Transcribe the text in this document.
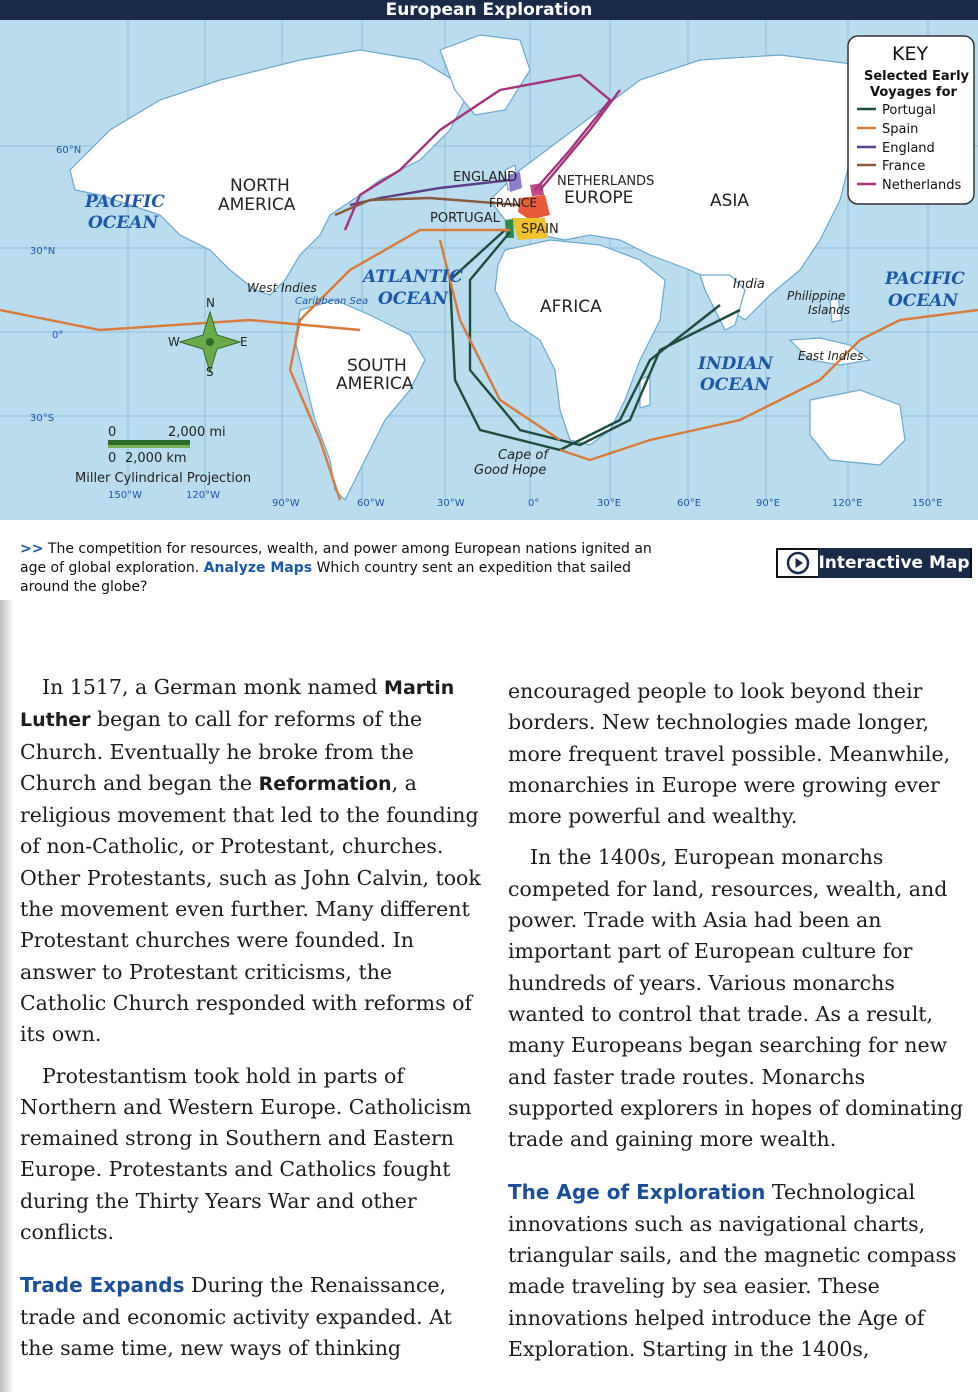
European Exploration
60°N
30°N
0°
30°S
PACIFIC
OCEAN
NORTH
AMERICA
ENGLAND	NETHERLANDS
FRANCE EUROPE
PORTUGAL
SPAIN
ASIA
ATLANTIC
OCEAN
West Indies
Caribbean Sea	AFRICA
India
Philippine
Islands
PACIFIC
OCEAN
INDIAN
OCEAN
East Indies
SOUTH
AMERICA
Cape of
Good Hope
Miller Cylindrical Projection
N
S
E
W
0	2,000 mi
0 2,000 km
150°W	120°W
90°W	60°W	30°W	0°	30°E	60°E	90°E	120°E	150°E
KEY
Selected Early
Voyages for
Portugal
Spain
England
France
Netherlands
>> The competition for resources, wealth, and power among European nations ignited an age of global exploration. Analyze Maps Which country sent an expedition that sailed around the globe?
Interactive Map

In 1517, a German monk named Martin Luther began to call for reforms of the Church. Eventually he broke from the Church and began the Reformation, a religious movement that led to the founding of non-Catholic, or Protestant, churches. Other Protestants, such as John Calvin, took the movement even further. Many different Protestant churches were founded. In answer to Protestant criticisms, the Catholic Church responded with reforms of its own.

Protestantism took hold in parts of Northern and Western Europe. Catholicism remained strong in Southern and Eastern Europe. Protestants and Catholics fought during the Thirty Years War and other conflicts.

Trade Expands During the Renaissance, trade and economic activity expanded. At the same time, new ways of thinking

encouraged people to look beyond their borders. New technologies made longer, more frequent travel possible. Meanwhile, monarchies in Europe were growing ever more powerful and wealthy.

In the 1400s, European monarchs competed for land, resources, wealth, and power. Trade with Asia had been an important part of European culture for hundreds of years. Various monarchs wanted to control that trade. As a result, many Europeans began searching for new and faster trade routes. Monarchs supported explorers in hopes of dominating trade and gaining more wealth.

The Age of Exploration Technological innovations such as navigational charts, triangular sails, and the magnetic compass made traveling by sea easier. These innovations helped introduce the Age of Exploration. Starting in the 1400s,
